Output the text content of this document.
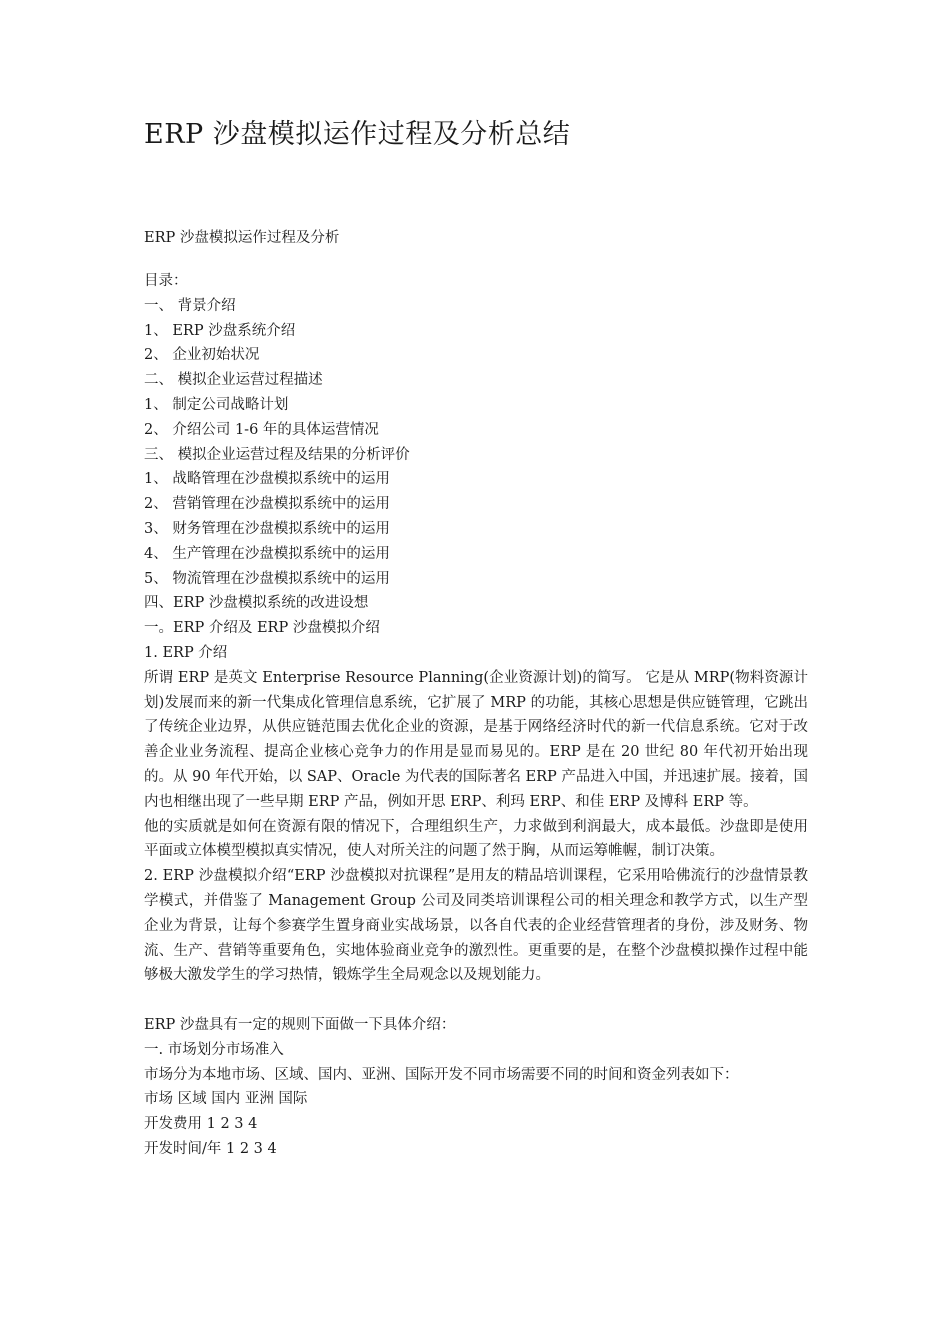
ERP 沙盘模拟运作过程及分析总结

ERP 沙盘模拟运作过程及分析

目录：

一、 背景介绍

1、 ERP 沙盘系统介绍

2、 企业初始状况

二、 模拟企业运营过程描述

1、 制定公司战略计划

2、 介绍公司 1-6 年的具体运营情况

三、 模拟企业运营过程及结果的分析评价

1、 战略管理在沙盘模拟系统中的运用

2、 营销管理在沙盘模拟系统中的运用

3、 财务管理在沙盘模拟系统中的运用

4、 生产管理在沙盘模拟系统中的运用

5、 物流管理在沙盘模拟系统中的运用

四、ERP 沙盘模拟系统的改进设想

一。ERP 介绍及 ERP 沙盘模拟介绍

1. ERP 介绍

所谓 ERP 是英文 Enterprise Resource Planning(企业资源计划)的简写。 它是从 MRP(物料资源计划)发展而来的新一代集成化管理信息系统，它扩展了 MRP 的功能，其核心思想是供应链管理，它跳出了传统企业边界，从供应链范围去优化企业的资源，是基于网络经济时代的新一代信息系统。它对于改善企业业务流程、提高企业核心竞争力的作用是显而易见的。ERP 是在 20 世纪 80 年代初开始出现的。从 90 年代开始，以 SAP、Oracle 为代表的国际著名 ERP 产品进入中国，并迅速扩展。接着，国内也相继出现了一些早期 ERP 产品，例如开思 ERP、利玛 ERP、和佳 ERP 及博科 ERP 等。

他的实质就是如何在资源有限的情况下，合理组织生产，力求做到利润最大，成本最低。沙盘即是使用平面或立体模型模拟真实情况，使人对所关注的问题了然于胸，从而运筹帷幄，制订决策。

2. ERP 沙盘模拟介绍“ERP 沙盘模拟对抗课程”是用友的精品培训课程，它采用哈佛流行的沙盘情景教学模式，并借鉴了 Management Group 公司及同类培训课程公司的相关理念和教学方式，以生产型企业为背景，让每个参赛学生置身商业实战场景，以各自代表的企业经营管理者的身份，涉及财务、物流、生产、营销等重要角色，实地体验商业竞争的激烈性。更重要的是，在整个沙盘模拟操作过程中能够极大激发学生的学习热情，锻炼学生全局观念以及规划能力。

ERP 沙盘具有一定的规则下面做一下具体介绍：

一. 市场划分市场准入

市场分为本地市场、区域、国内、亚洲、国际开发不同市场需要不同的时间和资金列表如下：

市场 区域 国内 亚洲 国际

开发费用 1 2 3 4

开发时间/年 1 2 3 4
